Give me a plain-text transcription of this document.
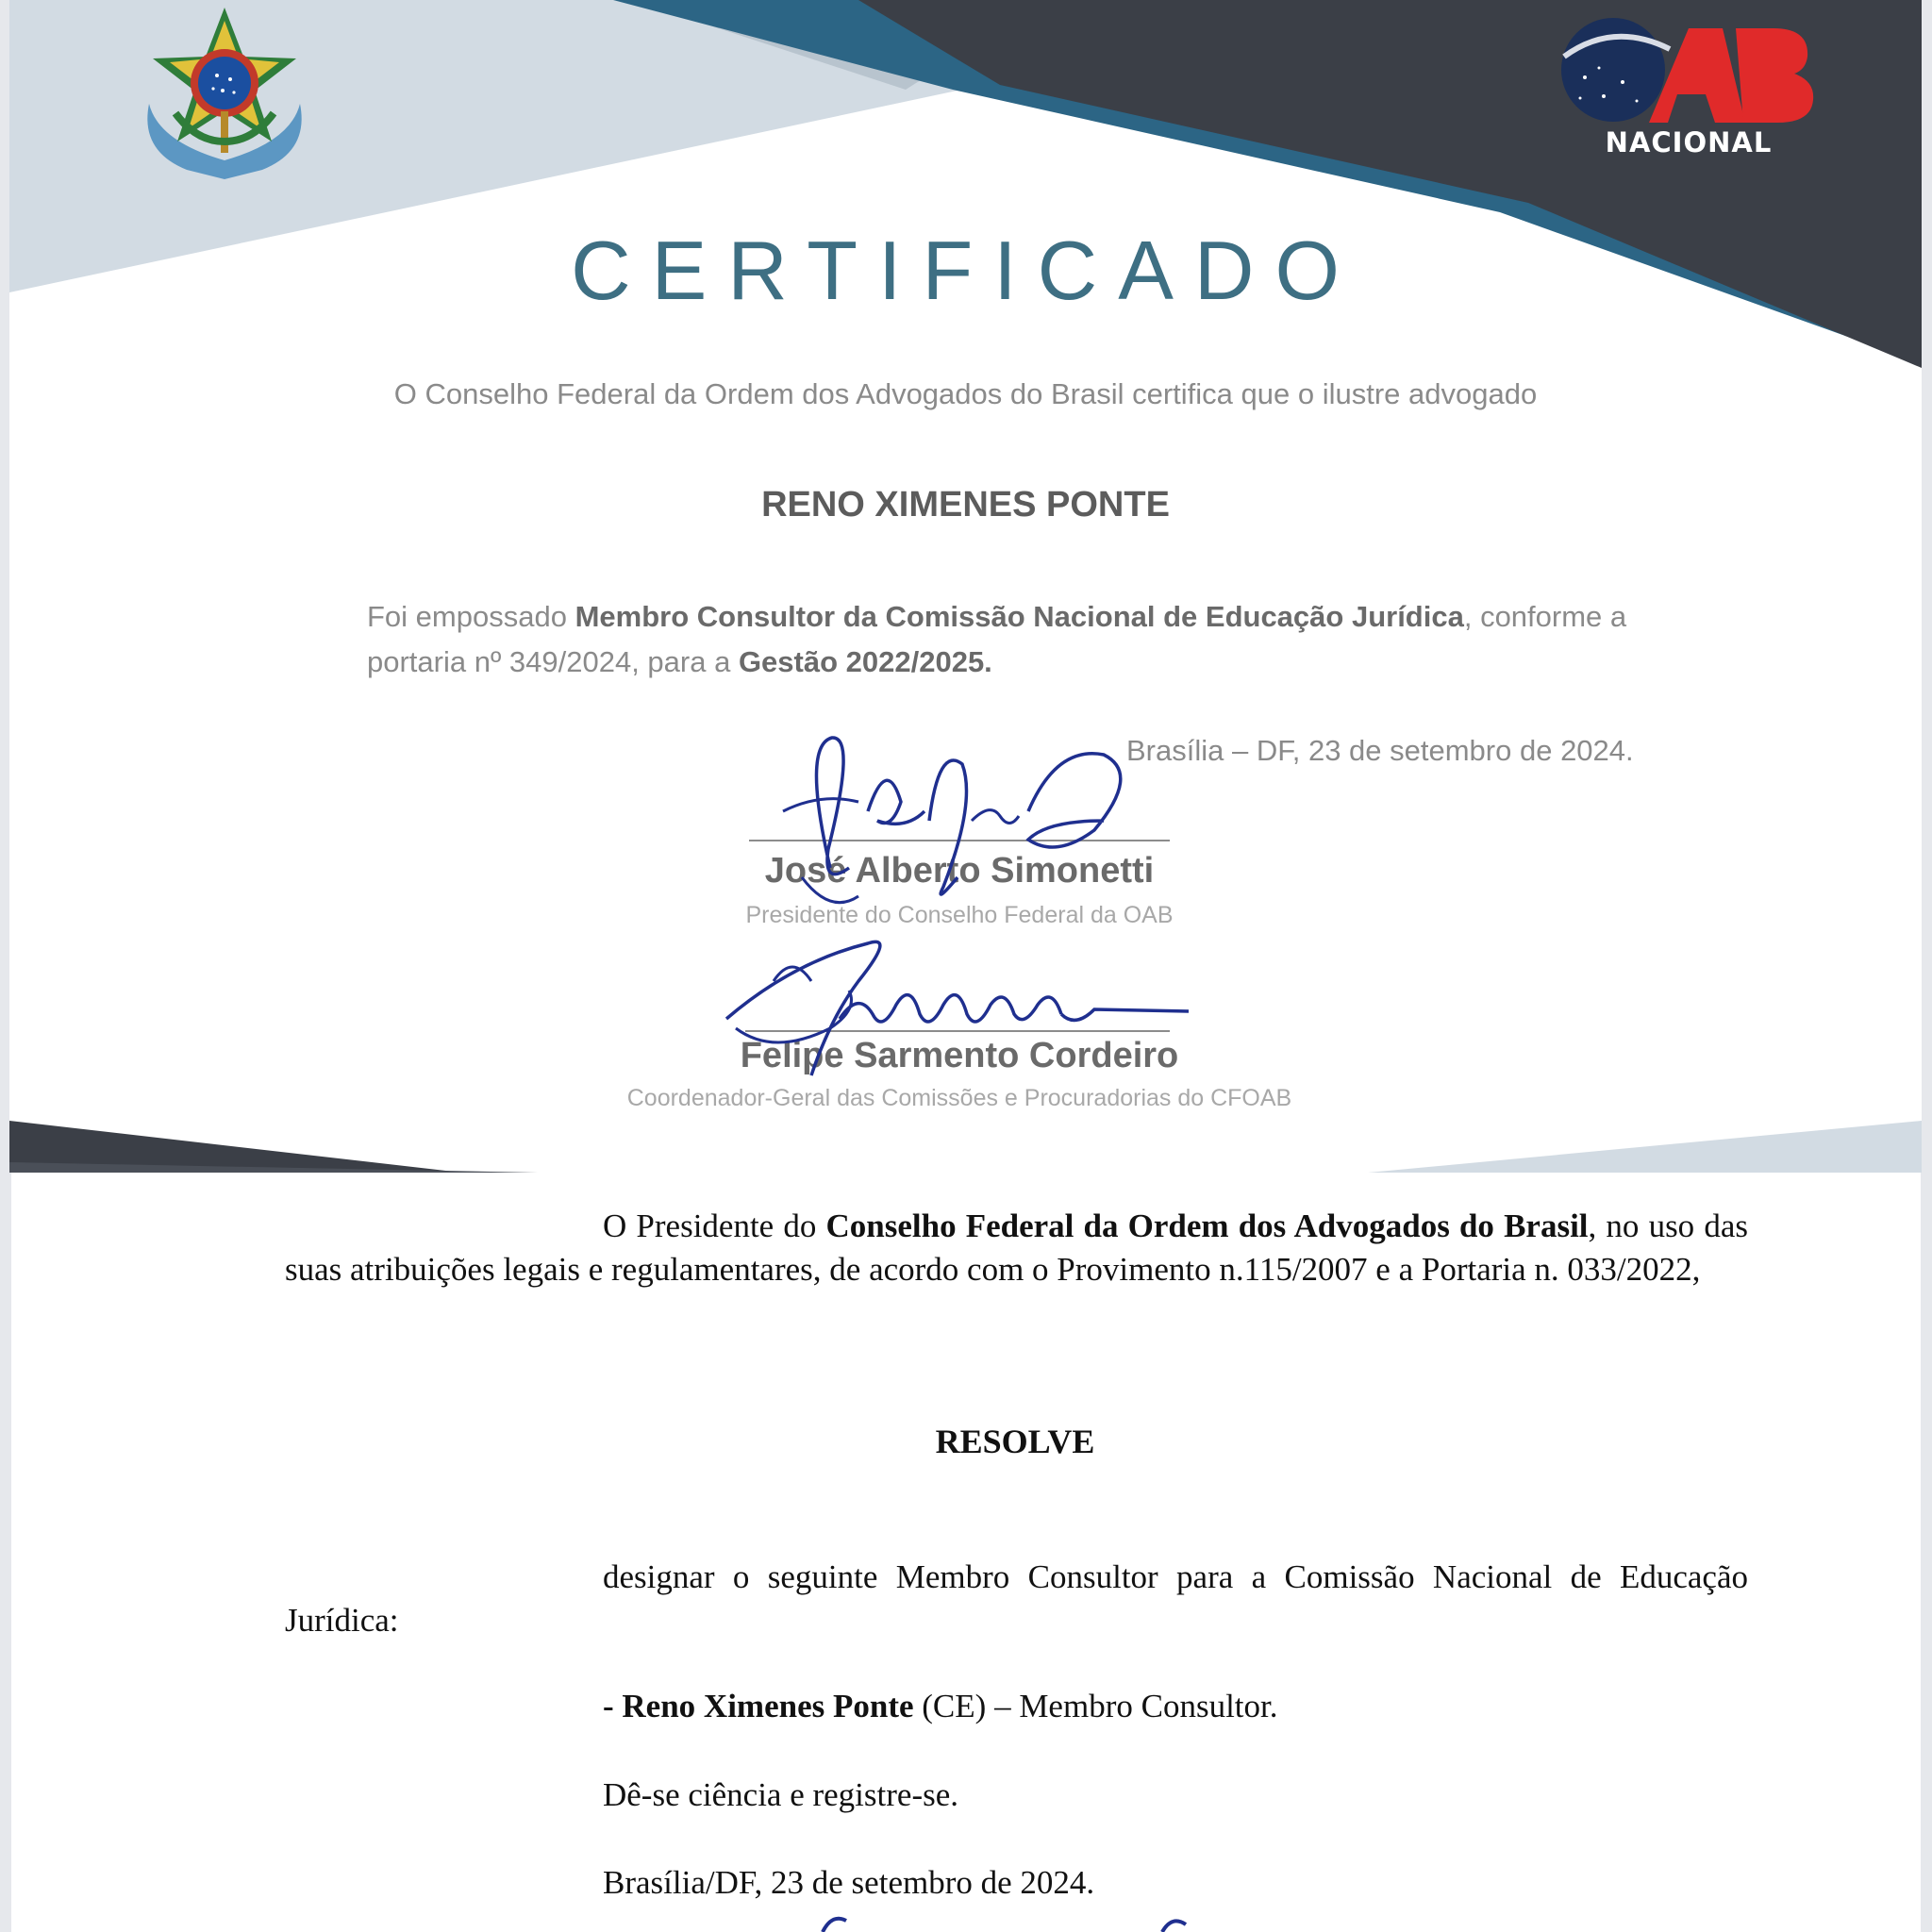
NACIONAL
CERTIFICADO
O Conselho Federal da Ordem dos Advogados do Brasil certifica que o ilustre advogado
RENO XIMENES PONTE
Foi empossado Membro Consultor da Comissão Nacional de Educação Jurídica, conforme a portaria nº 349/2024, para a Gestão 2022/2025.
Brasília – DF, 23 de setembro de 2024.
José Alberto Simonetti
Presidente do Conselho Federal da OAB
Felipe Sarmento Cordeiro
Coordenador-Geral das Comissões e Procuradorias do CFOAB
O Presidente do Conselho Federal da Ordem dos Advogados do Brasil, no uso das suas atribuições legais e regulamentares, de acordo com o Provimento n.115/2007 e a Portaria n. 033/2022,
RESOLVE
designar o seguinte Membro Consultor para a Comissão Nacional de Educação Jurídica:
- Reno Ximenes Ponte (CE) – Membro Consultor.
Dê-se ciência e registre-se.
Brasília/DF, 23 de setembro de 2024.
